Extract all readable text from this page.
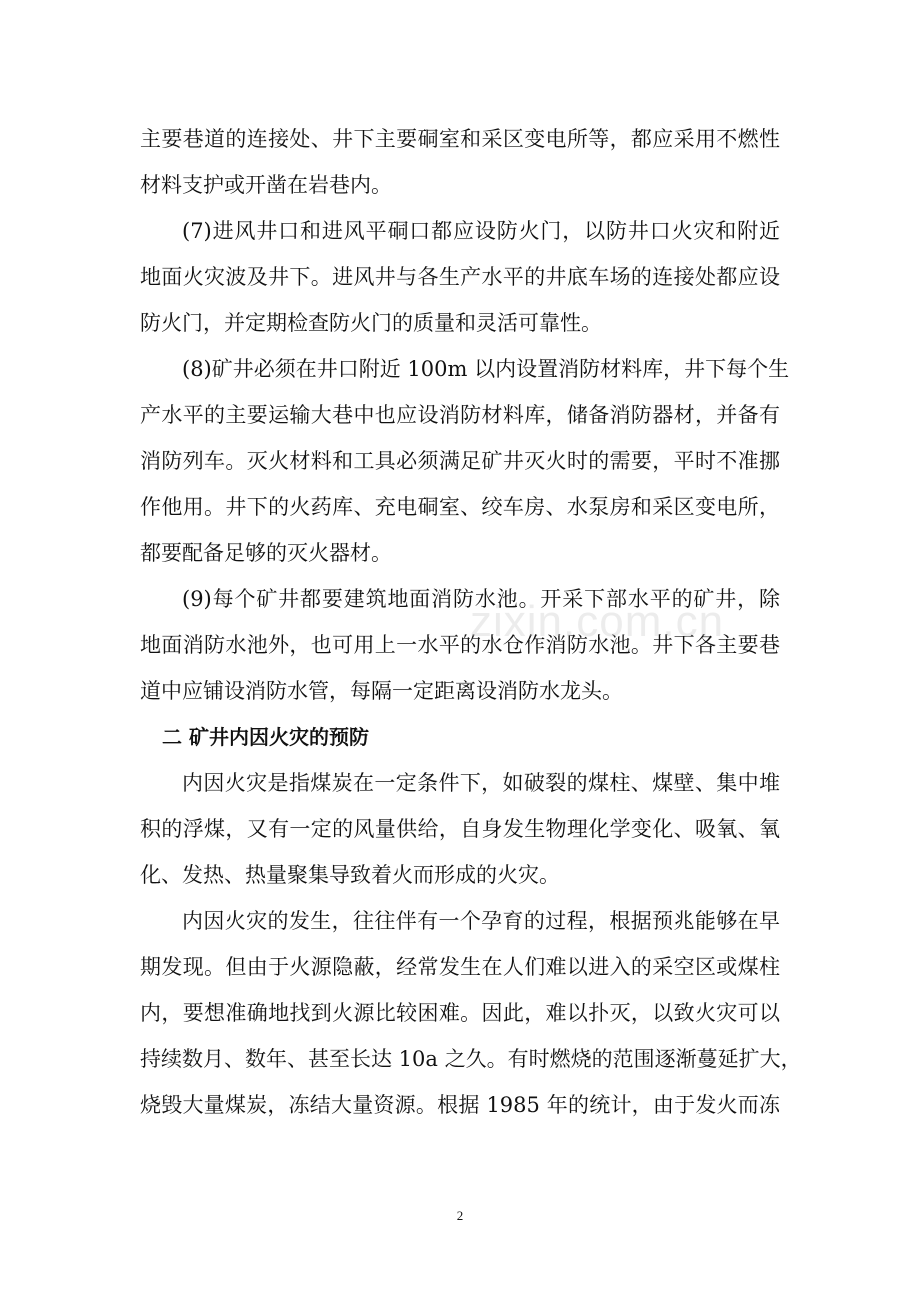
主要巷道的连接处、井下主要硐室和采区变电所等，都应采用不燃性
材料支护或开凿在岩巷内。
(7)进风井口和进风平硐口都应设防火门，以防井口火灾和附近
地面火灾波及井下。进风井与各生产水平的井底车场的连接处都应设
防火门，并定期检查防火门的质量和灵活可靠性。
(8)矿井必须在井口附近 100m 以内设置消防材料库，井下每个生
产水平的主要运输大巷中也应设消防材料库，储备消防器材，并备有
消防列车。灭火材料和工具必须满足矿井灭火时的需要，平时不准挪
作他用。井下的火药库、充电硐室、绞车房、水泵房和采区变电所，
都要配备足够的灭火器材。
(9)每个矿井都要建筑地面消防水池。开采下部水平的矿井，除
地面消防水池外，也可用上一水平的水仓作消防水池。井下各主要巷
道中应铺设消防水管，每隔一定距离设消防水龙头。
二 矿井内因火灾的预防
内因火灾是指煤炭在一定条件下，如破裂的煤柱、煤壁、集中堆
积的浮煤，又有一定的风量供给，自身发生物理化学变化、吸氧、氧
化、发热、热量聚集导致着火而形成的火灾。
内因火灾的发生，往往伴有一个孕育的过程，根据预兆能够在早
期发现。但由于火源隐蔽，经常发生在人们难以进入的采空区或煤柱
内，要想准确地找到火源比较困难。因此，难以扑灭，以致火灾可以
持续数月、数年、甚至长达 10a 之久。有时燃烧的范围逐渐蔓延扩大，
烧毁大量煤炭，冻结大量资源。根据 1985 年的统计，由于发火而冻
zixin.com.cn
2
